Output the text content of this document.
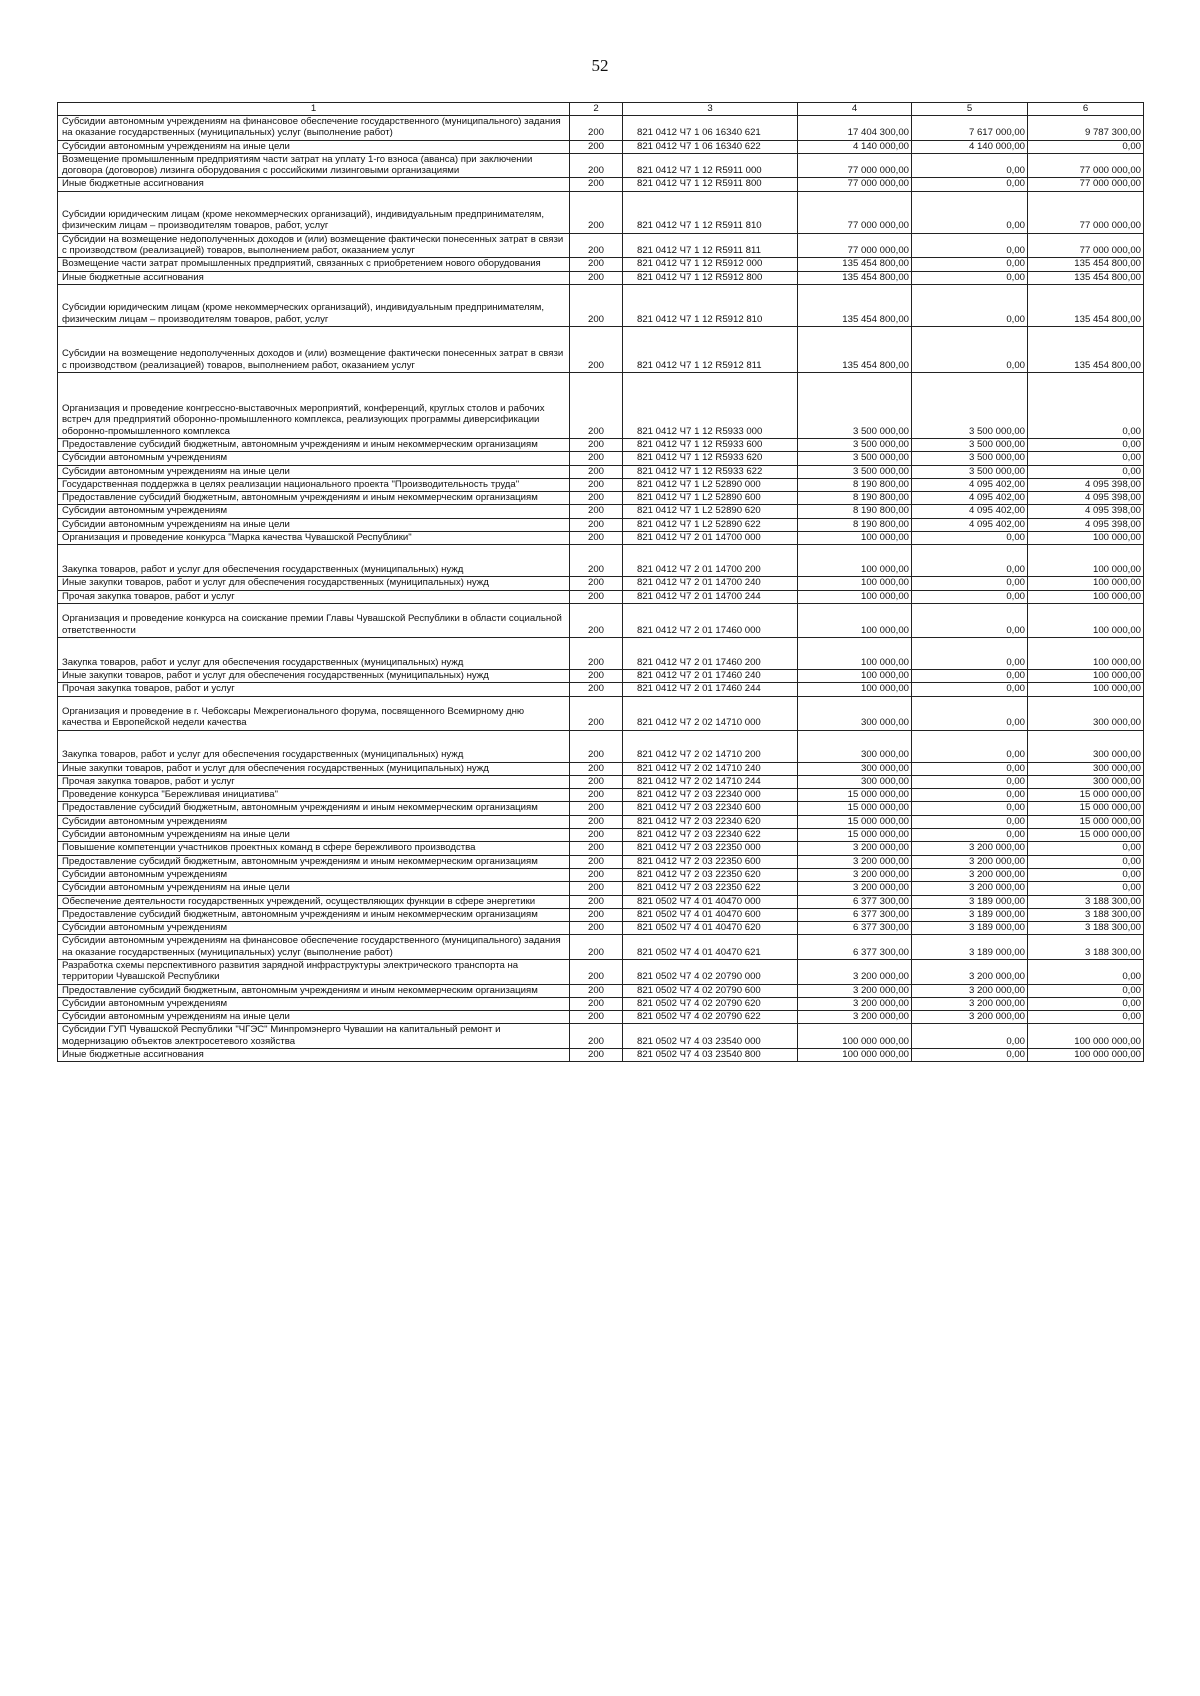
52
1	2	3	4	5	6
Субсидии автономным учреждениям на финансовое обеспечение государственного (муниципального) задания на оказание государственных (муниципальных) услуг (выполнение работ)	200	821 0412 Ч7 1 06 16340 621	17 404 300,00	7 617 000,00	9 787 300,00
Субсидии автономным учреждениям на иные цели	200	821 0412 Ч7 1 06 16340 622	4 140 000,00	4 140 000,00	0,00
Возмещение промышленным предприятиям части затрат на уплату 1-го взноса (аванса) при заключении договора (договоров) лизинга оборудования с российскими лизинговыми организациями	200	821 0412 Ч7 1 12 R5911 000	77 000 000,00	0,00	77 000 000,00
Иные бюджетные ассигнования	200	821 0412 Ч7 1 12 R5911 800	77 000 000,00	0,00	77 000 000,00
Субсидии юридическим лицам (кроме некоммерческих организаций), индивидуальным предпринимателям, физическим лицам – производителям товаров, работ, услуг	200	821 0412 Ч7 1 12 R5911 810	77 000 000,00	0,00	77 000 000,00
Субсидии на возмещение недополученных доходов и (или) возмещение фактически понесенных затрат в связи с производством (реализацией) товаров, выполнением работ, оказанием услуг	200	821 0412 Ч7 1 12 R5911 811	77 000 000,00	0,00	77 000 000,00
Возмещение части затрат промышленных предприятий, связанных с приобретением нового оборудования	200	821 0412 Ч7 1 12 R5912 000	135 454 800,00	0,00	135 454 800,00
Иные бюджетные ассигнования	200	821 0412 Ч7 1 12 R5912 800	135 454 800,00	0,00	135 454 800,00
Субсидии юридическим лицам (кроме некоммерческих организаций), индивидуальным предпринимателям, физическим лицам – производителям товаров, работ, услуг	200	821 0412 Ч7 1 12 R5912 810	135 454 800,00	0,00	135 454 800,00
Субсидии на возмещение недополученных доходов и (или) возмещение фактически понесенных затрат в связи с производством (реализацией) товаров, выполнением работ, оказанием услуг	200	821 0412 Ч7 1 12 R5912 811	135 454 800,00	0,00	135 454 800,00
Организация и проведение конгрессно-выставочных мероприятий, конференций, круглых столов и рабочих встреч для предприятий оборонно-промышленного комплекса, реализующих программы диверсификации оборонно-промышленного комплекса	200	821 0412 Ч7 1 12 R5933 000	3 500 000,00	3 500 000,00	0,00
Предоставление субсидий бюджетным, автономным учреждениям и иным некоммерческим организациям	200	821 0412 Ч7 1 12 R5933 600	3 500 000,00	3 500 000,00	0,00
Субсидии автономным учреждениям	200	821 0412 Ч7 1 12 R5933 620	3 500 000,00	3 500 000,00	0,00
Субсидии автономным учреждениям на иные цели	200	821 0412 Ч7 1 12 R5933 622	3 500 000,00	3 500 000,00	0,00
Государственная поддержка в целях реализации национального проекта "Производительность труда"	200	821 0412 Ч7 1 L2 52890 000	8 190 800,00	4 095 402,00	4 095 398,00
Предоставление субсидий бюджетным, автономным учреждениям и иным некоммерческим организациям	200	821 0412 Ч7 1 L2 52890 600	8 190 800,00	4 095 402,00	4 095 398,00
Субсидии автономным учреждениям	200	821 0412 Ч7 1 L2 52890 620	8 190 800,00	4 095 402,00	4 095 398,00
Субсидии автономным учреждениям на иные цели	200	821 0412 Ч7 1 L2 52890 622	8 190 800,00	4 095 402,00	4 095 398,00
Организация и проведение конкурса "Марка качества Чувашской Республики"	200	821 0412 Ч7 2 01 14700 000	100 000,00	0,00	100 000,00
Закупка товаров, работ и услуг для обеспечения государственных (муниципальных) нужд	200	821 0412 Ч7 2 01 14700 200	100 000,00	0,00	100 000,00
Иные закупки товаров, работ и услуг для обеспечения государственных (муниципальных) нужд	200	821 0412 Ч7 2 01 14700 240	100 000,00	0,00	100 000,00
Прочая закупка товаров, работ и услуг	200	821 0412 Ч7 2 01 14700 244	100 000,00	0,00	100 000,00
Организация и проведение конкурса на соискание премии Главы Чувашской Республики в области социальной ответственности	200	821 0412 Ч7 2 01 17460 000	100 000,00	0,00	100 000,00
Закупка товаров, работ и услуг для обеспечения государственных (муниципальных) нужд	200	821 0412 Ч7 2 01 17460 200	100 000,00	0,00	100 000,00
Иные закупки товаров, работ и услуг для обеспечения государственных (муниципальных) нужд	200	821 0412 Ч7 2 01 17460 240	100 000,00	0,00	100 000,00
Прочая закупка товаров, работ и услуг	200	821 0412 Ч7 2 01 17460 244	100 000,00	0,00	100 000,00
Организация и проведение в г. Чебоксары Межрегионального форума, посвященного Всемирному дню качества и Европейской недели качества	200	821 0412 Ч7 2 02 14710 000	300 000,00	0,00	300 000,00
Закупка товаров, работ и услуг для обеспечения государственных (муниципальных) нужд	200	821 0412 Ч7 2 02 14710 200	300 000,00	0,00	300 000,00
Иные закупки товаров, работ и услуг для обеспечения государственных (муниципальных) нужд	200	821 0412 Ч7 2 02 14710 240	300 000,00	0,00	300 000,00
Прочая закупка товаров, работ и услуг	200	821 0412 Ч7 2 02 14710 244	300 000,00	0,00	300 000,00
Проведение конкурса "Бережливая инициатива"	200	821 0412 Ч7 2 03 22340 000	15 000 000,00	0,00	15 000 000,00
Предоставление субсидий бюджетным, автономным учреждениям и иным некоммерческим организациям	200	821 0412 Ч7 2 03 22340 600	15 000 000,00	0,00	15 000 000,00
Субсидии автономным учреждениям	200	821 0412 Ч7 2 03 22340 620	15 000 000,00	0,00	15 000 000,00
Субсидии автономным учреждениям на иные цели	200	821 0412 Ч7 2 03 22340 622	15 000 000,00	0,00	15 000 000,00
Повышение компетенции участников проектных команд в сфере бережливого производства	200	821 0412 Ч7 2 03 22350 000	3 200 000,00	3 200 000,00	0,00
Предоставление субсидий бюджетным, автономным учреждениям и иным некоммерческим организациям	200	821 0412 Ч7 2 03 22350 600	3 200 000,00	3 200 000,00	0,00
Субсидии автономным учреждениям	200	821 0412 Ч7 2 03 22350 620	3 200 000,00	3 200 000,00	0,00
Субсидии автономным учреждениям на иные цели	200	821 0412 Ч7 2 03 22350 622	3 200 000,00	3 200 000,00	0,00
Обеспечение деятельности государственных учреждений, осуществляющих функции в сфере энергетики	200	821 0502 Ч7 4 01 40470 000	6 377 300,00	3 189 000,00	3 188 300,00
Предоставление субсидий бюджетным, автономным учреждениям и иным некоммерческим организациям	200	821 0502 Ч7 4 01 40470 600	6 377 300,00	3 189 000,00	3 188 300,00
Субсидии автономным учреждениям	200	821 0502 Ч7 4 01 40470 620	6 377 300,00	3 189 000,00	3 188 300,00
Субсидии автономным учреждениям на финансовое обеспечение государственного (муниципального) задания на оказание государственных (муниципальных) услуг (выполнение работ)	200	821 0502 Ч7 4 01 40470 621	6 377 300,00	3 189 000,00	3 188 300,00
Разработка схемы перспективного развития зарядной инфраструктуры электрического транспорта на территории Чувашской Республики	200	821 0502 Ч7 4 02 20790 000	3 200 000,00	3 200 000,00	0,00
Предоставление субсидий бюджетным, автономным учреждениям и иным некоммерческим организациям	200	821 0502 Ч7 4 02 20790 600	3 200 000,00	3 200 000,00	0,00
Субсидии автономным учреждениям	200	821 0502 Ч7 4 02 20790 620	3 200 000,00	3 200 000,00	0,00
Субсидии автономным учреждениям на иные цели	200	821 0502 Ч7 4 02 20790 622	3 200 000,00	3 200 000,00	0,00
Субсидии ГУП Чувашской Республики "ЧГЭС" Минпромэнерго Чувашии на капитальный ремонт и модернизацию объектов электросетевого хозяйства	200	821 0502 Ч7 4 03 23540 000	100 000 000,00	0,00	100 000 000,00
Иные бюджетные ассигнования	200	821 0502 Ч7 4 03 23540 800	100 000 000,00	0,00	100 000 000,00
